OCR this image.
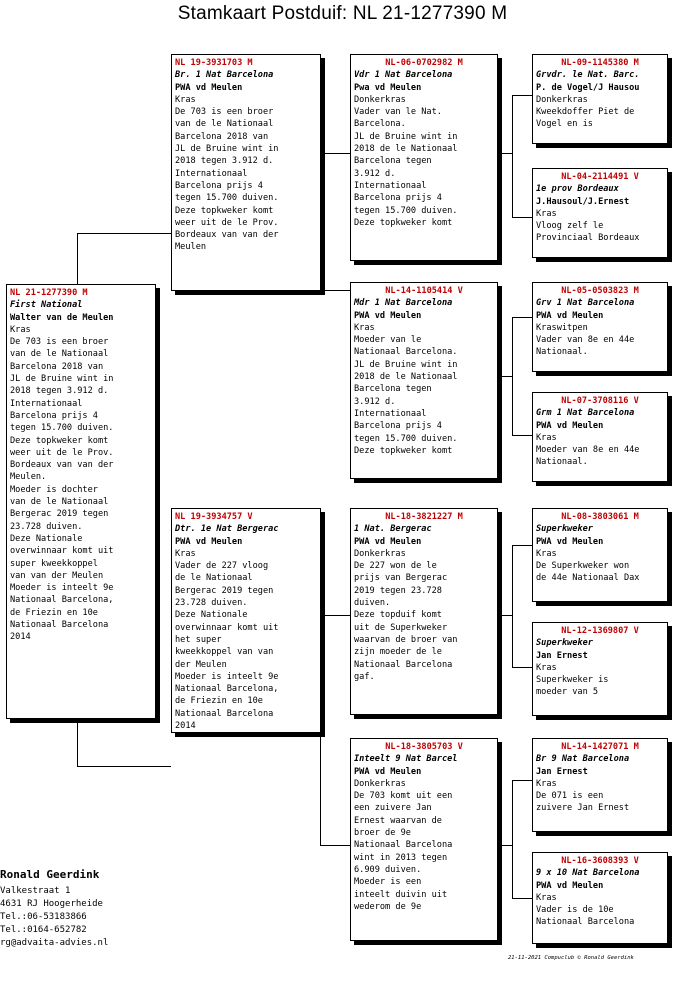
Stamkaart Postduif: NL 21-1277390 M
NL 21-1277390 M
First National
Walter van de Meulen
Kras
De 703 is een broer
van de le Nationaal
Barcelona 2018 van
JL de Bruine wint in
2018 tegen 3.912 d.
Internationaal
Barcelona prijs 4
tegen 15.700 duiven.
Deze topkweker komt
weer uit de le Prov.
Bordeaux van van der
Meulen.
Moeder is dochter
van de le Nationaal
Bergerac 2019 tegen
23.728 duiven.
Deze Nationale
overwinnaar komt uit
super kweekkoppel
van van der Meulen
Moeder is inteelt 9e
Nationaal Barcelona,
de Friezin en 10e
Nationaal Barcelona
2014
NL 19-3931703 M
Br. 1 Nat Barcelona
PWA vd Meulen
Kras
De 703 is een broer
van de le Nationaal
Barcelona 2018 van
JL de Bruine wint in
2018 tegen 3.912 d.
Internationaal
Barcelona prijs 4
tegen 15.700 duiven.
Deze topkweker komt
weer uit de le Prov.
Bordeaux van van der
Meulen
NL 19-3934757 V
Dtr. 1e Nat Bergerac
PWA vd Meulen
Kras
Vader de 227 vloog
de le Nationaal
Bergerac 2019 tegen
23.728 duiven.
Deze Nationale
overwinnaar komt uit
het super
kweekkoppel van van
der Meulen
Moeder is inteelt 9e
Nationaal Barcelona,
de Friezin en 10e
Nationaal Barcelona
2014
NL-06-0702982 M
Vdr 1 Nat Barcelona
Pwa vd Meulen
Donkerkras
Vader van le Nat.
Barcelona.
JL de Bruine wint in
2018 de le Nationaal
Barcelona tegen
3.912 d.
Internationaal
Barcelona prijs 4
tegen 15.700 duiven.
Deze topkweker komt
NL-14-1105414 V
Mdr 1 Nat Barcelona
PWA vd Meulen
Kras
Moeder van le
Nationaal Barcelona.
JL de Bruine wint in
2018 de le Nationaal
Barcelona tegen
3.912 d.
Internationaal
Barcelona prijs 4
tegen 15.700 duiven.
Deze topkweker komt
NL-18-3821227 M
1 Nat. Bergerac
PWA vd Meulen
Donkerkras
De 227 won de le
prijs van Bergerac
2019 tegen 23.728
duiven.
Deze topduif komt
uit de Superkweker
waarvan de broer van
zijn moeder de le
Nationaal Barcelona
gaf.
NL-18-3805703 V
Inteelt 9 Nat Barcel
PWA vd Meulen
Donkerkras
De 703 komt uit een
een zuivere Jan
Ernest waarvan de
broer de 9e
Nationaal Barcelona
wint in 2013 tegen
6.909 duiven.
Moeder is een
inteelt duivin uit
wederom de 9e
NL-09-1145380 M
Grvdr. le Nat. Barc.
P. de Vogel/J Hausou
Donkerkras
Kweekdoffer Piet de
Vogel en is
NL-04-2114491 V
1e prov Bordeaux
J.Hausoul/J.Ernest
Kras
Vloog zelf le
Provinciaal Bordeaux
NL-05-0503823 M
Grv 1 Nat Barcelona
PWA vd Meulen
Kraswitpen
Vader van 8e en 44e
Nationaal.
NL-07-3708116 V
Grm 1 Nat Barcelona
PWA vd Meulen
Kras
Moeder van 8e en 44e
Nationaal.
NL-08-3803061 M
Superkweker
PWA vd Meulen
Kras
De Superkweker won
de 44e Nationaal Dax
NL-12-1369807 V
Superkweker
Jan Ernest
Kras
Superkweker is
moeder van 5
NL-14-1427071 M
Br 9 Nat Barcelona
Jan Ernest
Kras
De 071 is een
zuivere Jan Ernest
NL-16-3608393 V
9 x 10 Nat Barcelona
PWA vd Meulen
Kras
Vader is de 10e
Nationaal Barcelona
Ronald Geerdink
Valkestraat 1
4631 RJ Hoogerheide
Tel.:06-53183866
Tel.:0164-652782
rg@advaita-advies.nl
21-11-2021 Compuclub © Ronald Geerdink
